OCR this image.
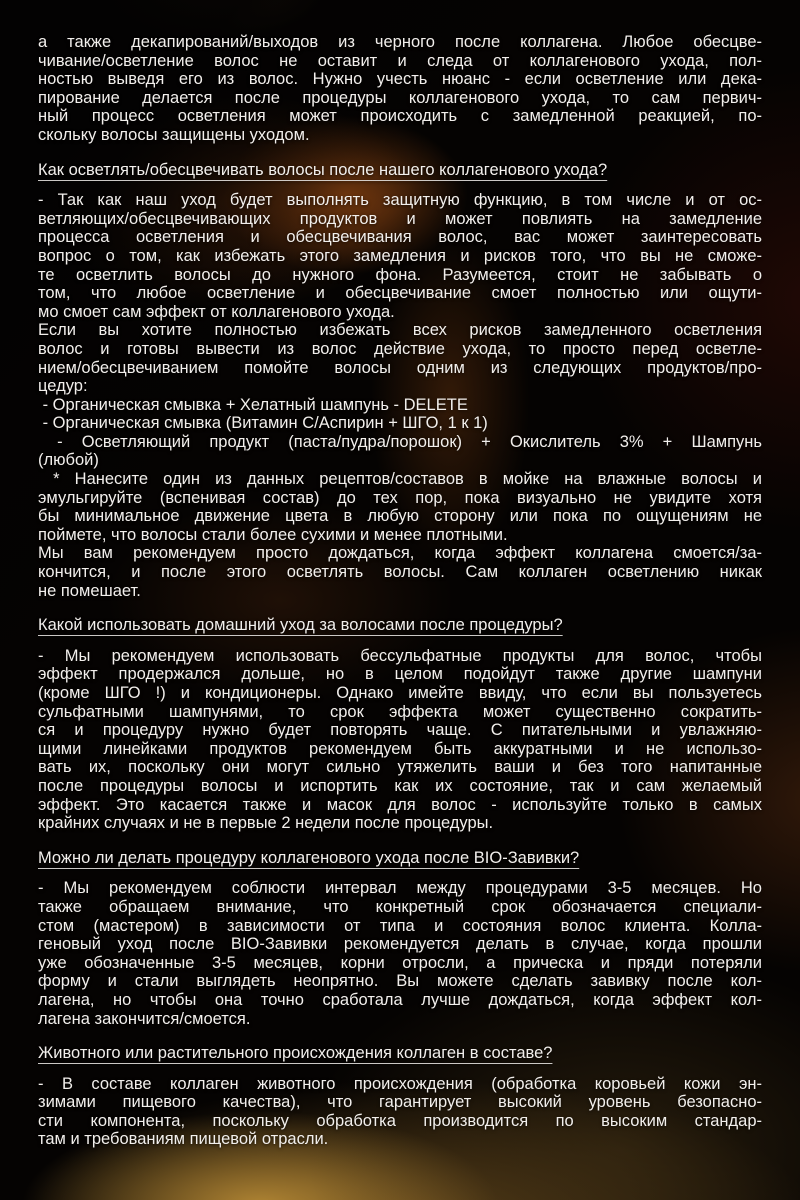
а также декапирований/выходов из черного после коллагена. Любое обесцве-
чивание/осветление волос не оставит и следа от коллагенового ухода, пол-
ностью выведя его из волос. Нужно учесть нюанс - если осветление или дека-
пирование делается после процедуры коллагенового ухода, то сам первич-
ный процесс осветления может происходить с замедленной реакцией, по-
скольку волосы защищены уходом.
Как осветлять/обесцвечивать волосы после нашего коллагенового ухода?
- Так как наш уход будет выполнять защитную функцию, в том числе и от ос-
ветляющих/обесцвечивающих продуктов и может повлиять на замедление
процесса осветления и обесцвечивания волос, вас может заинтересовать
вопрос о том, как избежать этого замедления и рисков того, что вы не сможе-
те осветлить волосы до нужного фона. Разумеется, стоит не забывать о
том, что любое осветление и обесцвечивание смоет полностью или ощути-
мо смоет сам эффект от коллагенового ухода.
Если вы хотите полностью избежать всех рисков замедленного осветления
волос и готовы вывести из волос действие ухода, то просто перед осветле-
нием/обесцвечиванием помойте волосы одним из следующих продуктов/про-
цедур:
- Органическая смывка + Хелатный шампунь - DELETE
- Органическая смывка (Витамин С/Аспирин + ШГО, 1 к 1)
- Осветляющий продукт (паста/пудра/порошок) + Окислитель 3% + Шампунь
(любой)
* Нанесите один из данных рецептов/составов в мойке на влажные волосы и
эмульгируйте (вспенивая состав) до тех пор, пока визуально не увидите хотя
бы минимальное движение цвета в любую сторону или пока по ощущениям не
поймете, что волосы стали более сухими и менее плотными.
Мы вам рекомендуем просто дождаться, когда эффект коллагена смоется/за-
кончится, и после этого осветлять волосы. Сам коллаген осветлению никак
не помешает.
Какой использовать домашний уход за волосами после процедуры?
- Мы рекомендуем использовать бессульфатные продукты для волос, чтобы
эффект продержался дольше, но в целом подойдут также другие шампуни
(кроме ШГО !) и кондиционеры. Однако имейте ввиду, что если вы пользуетесь
сульфатными шампунями, то срок эффекта может существенно сократить-
ся и процедуру нужно будет повторять чаще. С питательными и увлажняю-
щими линейками продуктов рекомендуем быть аккуратными и не использо-
вать их, поскольку они могут сильно утяжелить ваши и без того напитанные
после процедуры волосы и испортить как их состояние, так и сам желаемый
эффект. Это касается также и масок для волос - используйте только в самых
крайних случаях и не в первые 2 недели после процедуры.
Можно ли делать процедуру коллагенового ухода после BIO-Завивки?
- Мы рекомендуем соблюсти интервал между процедурами 3-5 месяцев. Но
также обращаем внимание, что конкретный срок обозначается специали-
стом (мастером) в зависимости от типа и состояния волос клиента. Колла-
геновый уход после BIO-Завивки рекомендуется делать в случае, когда прошли
уже обозначенные 3-5 месяцев, корни отросли, а прическа и пряди потеряли
форму и стали выглядеть неопрятно. Вы можете сделать завивку после кол-
лагена, но чтобы она точно сработала лучше дождаться, когда эффект кол-
лагена закончится/смоется.
Животного или растительного происхождения коллаген в составе?
- В составе коллаген животного происхождения (обработка коровьей кожи эн-
зимами пищевого качества), что гарантирует высокий уровень безопасно-
сти компонента, поскольку обработка производится по высоким стандар-
там и требованиям пищевой отрасли.
